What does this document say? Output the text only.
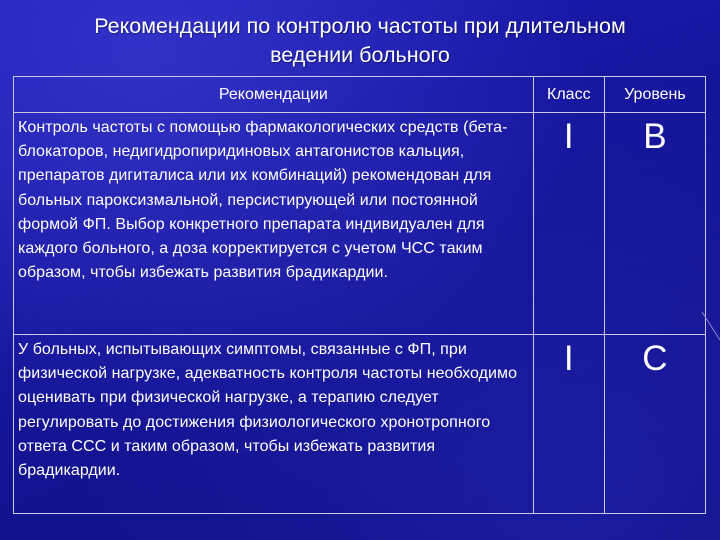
Рекомендации по контролю частоты при длительном
ведении больного
Рекомендации	Класс	Уровень
Контроль частоты с помощью фармакологических средств (бета-блокаторов, недигидропиридиновых антагонистов кальция, препаратов дигиталиса или их комбинаций) рекомендован для больных пароксизмальной, персистирующей или постоянной формой ФП. Выбор конкретного препарата индивидуален для каждого больного, а доза корректируется с учетом ЧСС таким образом, чтобы избежать развития брадикардии.	I	B
У больных, испытывающих симптомы, связанные с ФП, при физической нагрузке, адекватность контроля частоты необходимо оценивать при физической нагрузке, а терапию следует регулировать до достижения физиологического хронотропного ответа ССС и таким образом, чтобы избежать развития брадикардии.	I	C
